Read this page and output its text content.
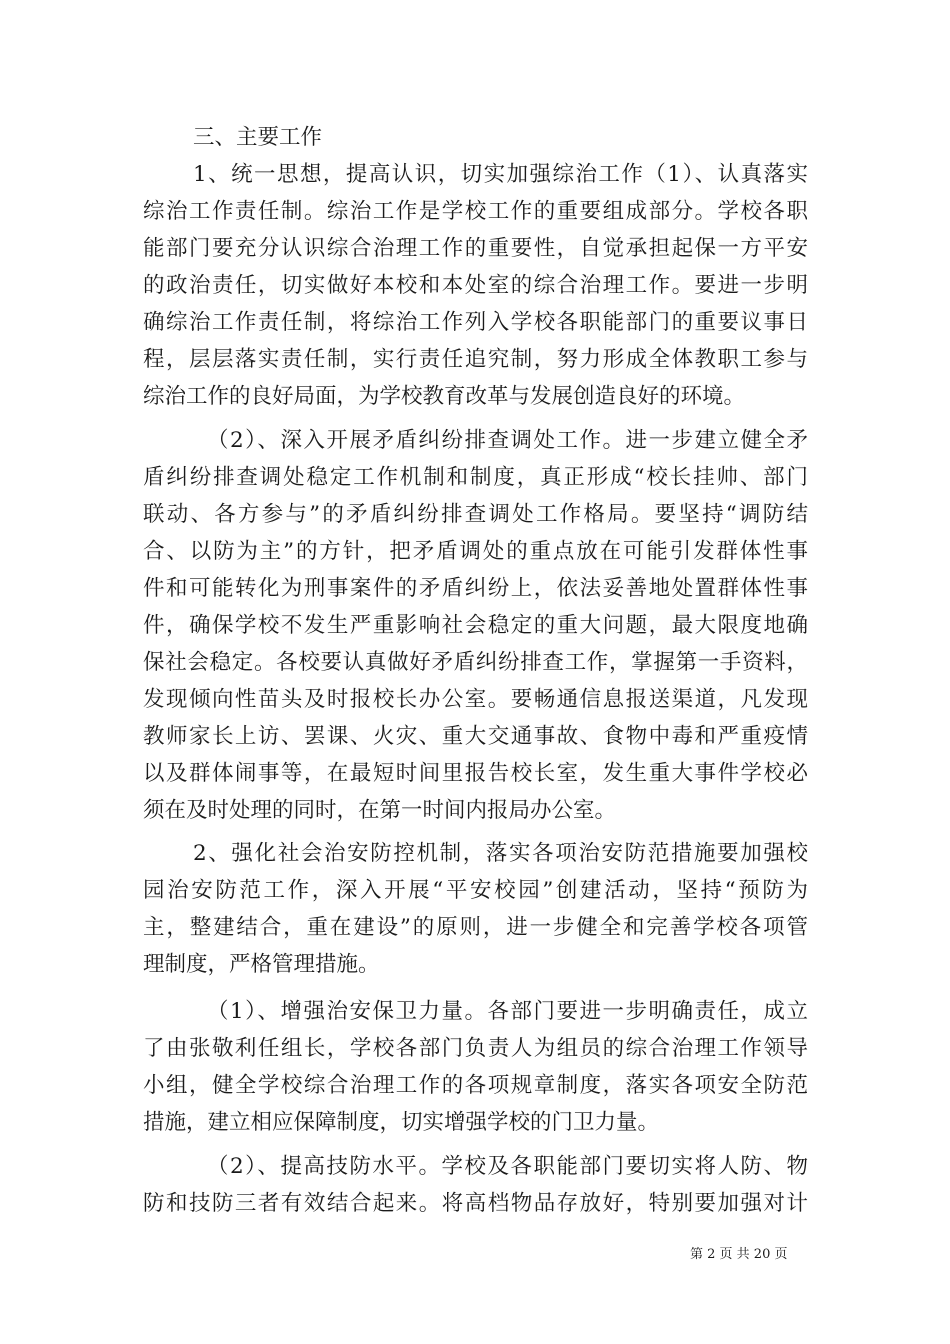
三、主要工作
1、统一思想，提高认识，切实加强综治工作（1）、认真落实
综治工作责任制。综治工作是学校工作的重要组成部分。学校各职
能部门要充分认识综合治理工作的重要性，自觉承担起保一方平安
的政治责任，切实做好本校和本处室的综合治理工作。要进一步明
确综治工作责任制，将综治工作列入学校各职能部门的重要议事日
程，层层落实责任制，实行责任追究制，努力形成全体教职工参与
综治工作的良好局面，为学校教育改革与发展创造良好的环境。
（2）、深入开展矛盾纠纷排查调处工作。进一步建立健全矛
盾纠纷排查调处稳定工作机制和制度，真正形成“校长挂帅、部门
联动、各方参与”的矛盾纠纷排查调处工作格局。要坚持“调防结
合、以防为主”的方针，把矛盾调处的重点放在可能引发群体性事
件和可能转化为刑事案件的矛盾纠纷上，依法妥善地处置群体性事
件，确保学校不发生严重影响社会稳定的重大问题，最大限度地确
保社会稳定。各校要认真做好矛盾纠纷排查工作，掌握第一手资料，
发现倾向性苗头及时报校长办公室。要畅通信息报送渠道，凡发现
教师家长上访、罢课、火灾、重大交通事故、食物中毒和严重疫情
以及群体闹事等，在最短时间里报告校长室，发生重大事件学校必
须在及时处理的同时，在第一时间内报局办公室。
2、强化社会治安防控机制，落实各项治安防范措施要加强校
园治安防范工作，深入开展“平安校园”创建活动，坚持“预防为
主，整建结合，重在建设”的原则，进一步健全和完善学校各项管
理制度，严格管理措施。
（1）、增强治安保卫力量。各部门要进一步明确责任，成立
了由张敬利任组长，学校各部门负责人为组员的综合治理工作领导
小组，健全学校综合治理工作的各项规章制度，落实各项安全防范
措施，建立相应保障制度，切实增强学校的门卫力量。
（2）、提高技防水平。学校及各职能部门要切实将人防、物
防和技防三者有效结合起来。将高档物品存放好，特别要加强对计
第 2 页 共 20 页
